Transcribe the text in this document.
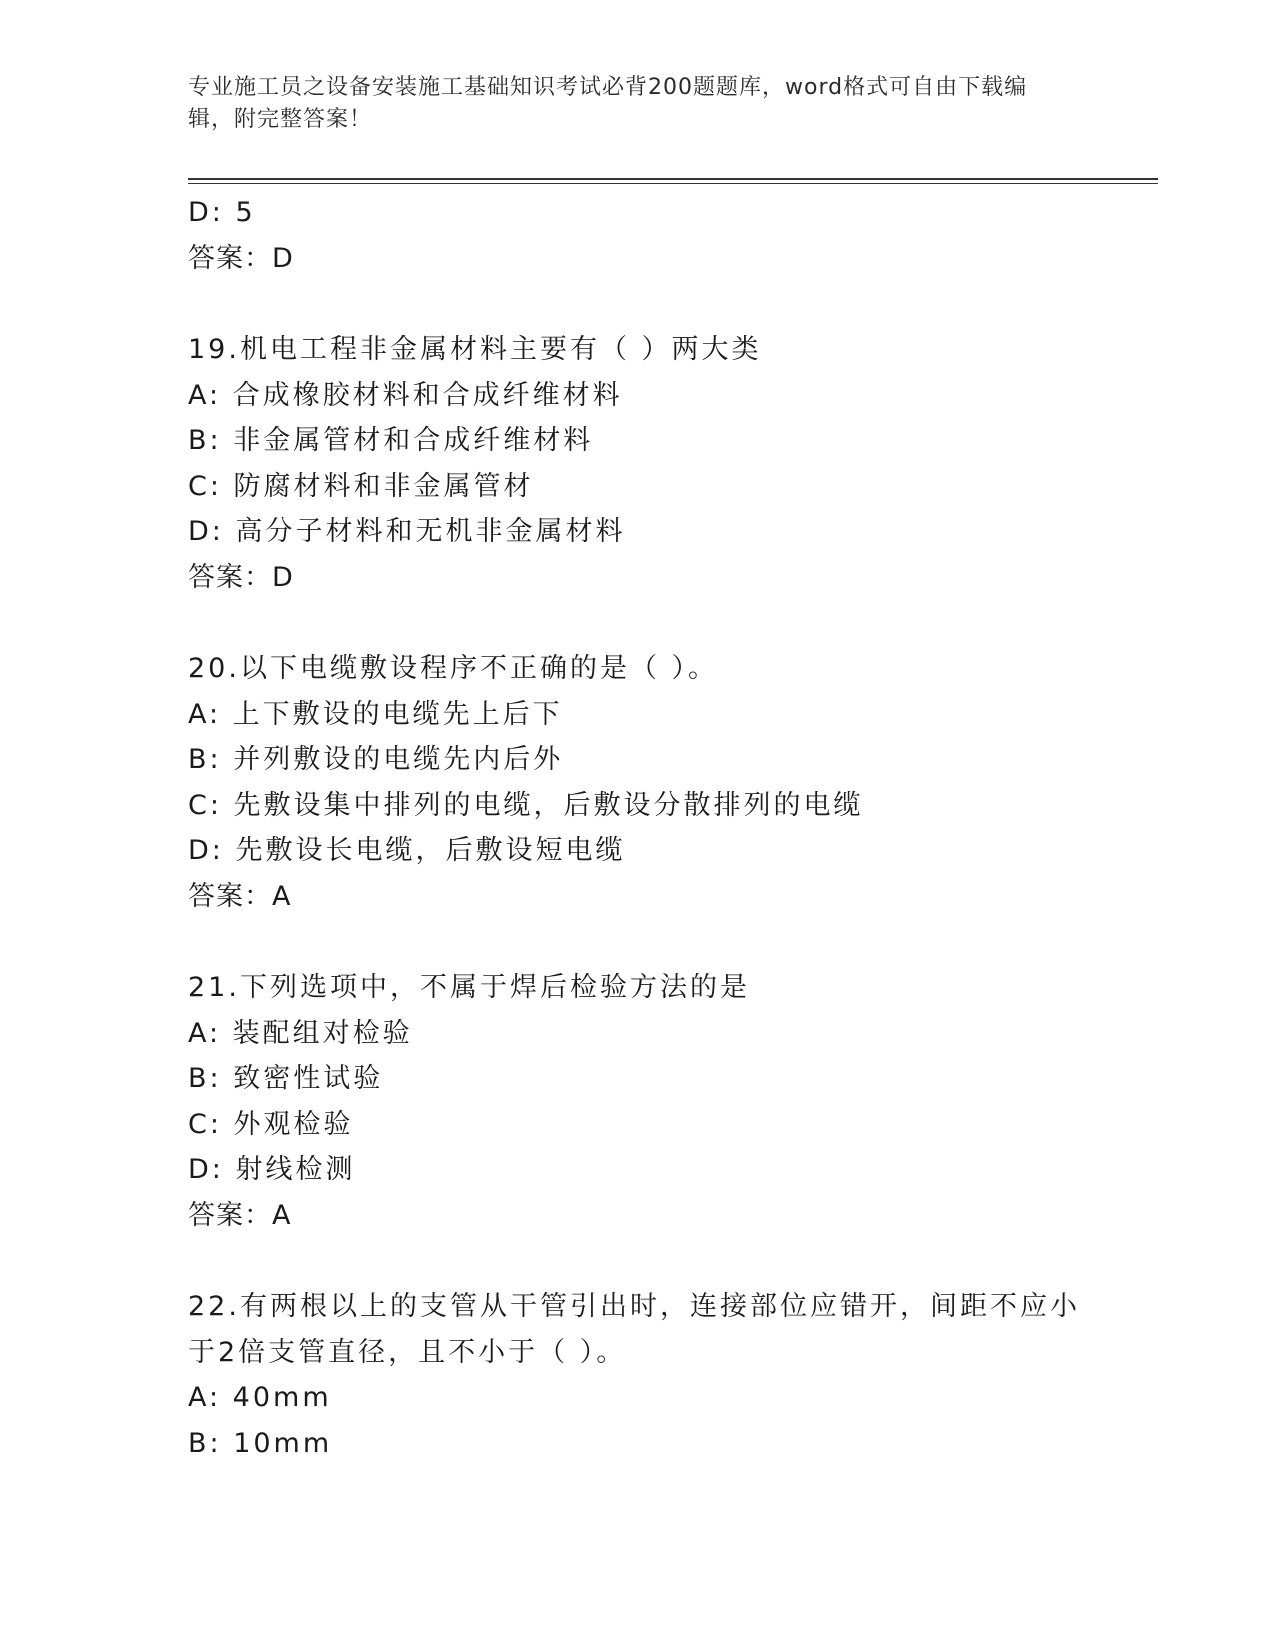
专业施工员之设备安装施工基础知识考试必背200题题库，word格式可自由下载编辑，附完整答案！
D: 5
答案：D
19.机电工程非金属材料主要有（ ）两大类
A: 合成橡胶材料和合成纤维材料
B: 非金属管材和合成纤维材料
C: 防腐材料和非金属管材
D: 高分子材料和无机非金属材料
答案：D
20.以下电缆敷设程序不正确的是（ ）。
A: 上下敷设的电缆先上后下
B: 并列敷设的电缆先内后外
C: 先敷设集中排列的电缆，后敷设分散排列的电缆
D: 先敷设长电缆，后敷设短电缆
答案：A
21.下列选项中，不属于焊后检验方法的是
A: 装配组对检验
B: 致密性试验
C: 外观检验
D: 射线检测
答案：A
22.有两根以上的支管从干管引出时，连接部位应错开，间距不应小于2倍支管直径，且不小于（ ）。
A: 40mm
B: 10mm
